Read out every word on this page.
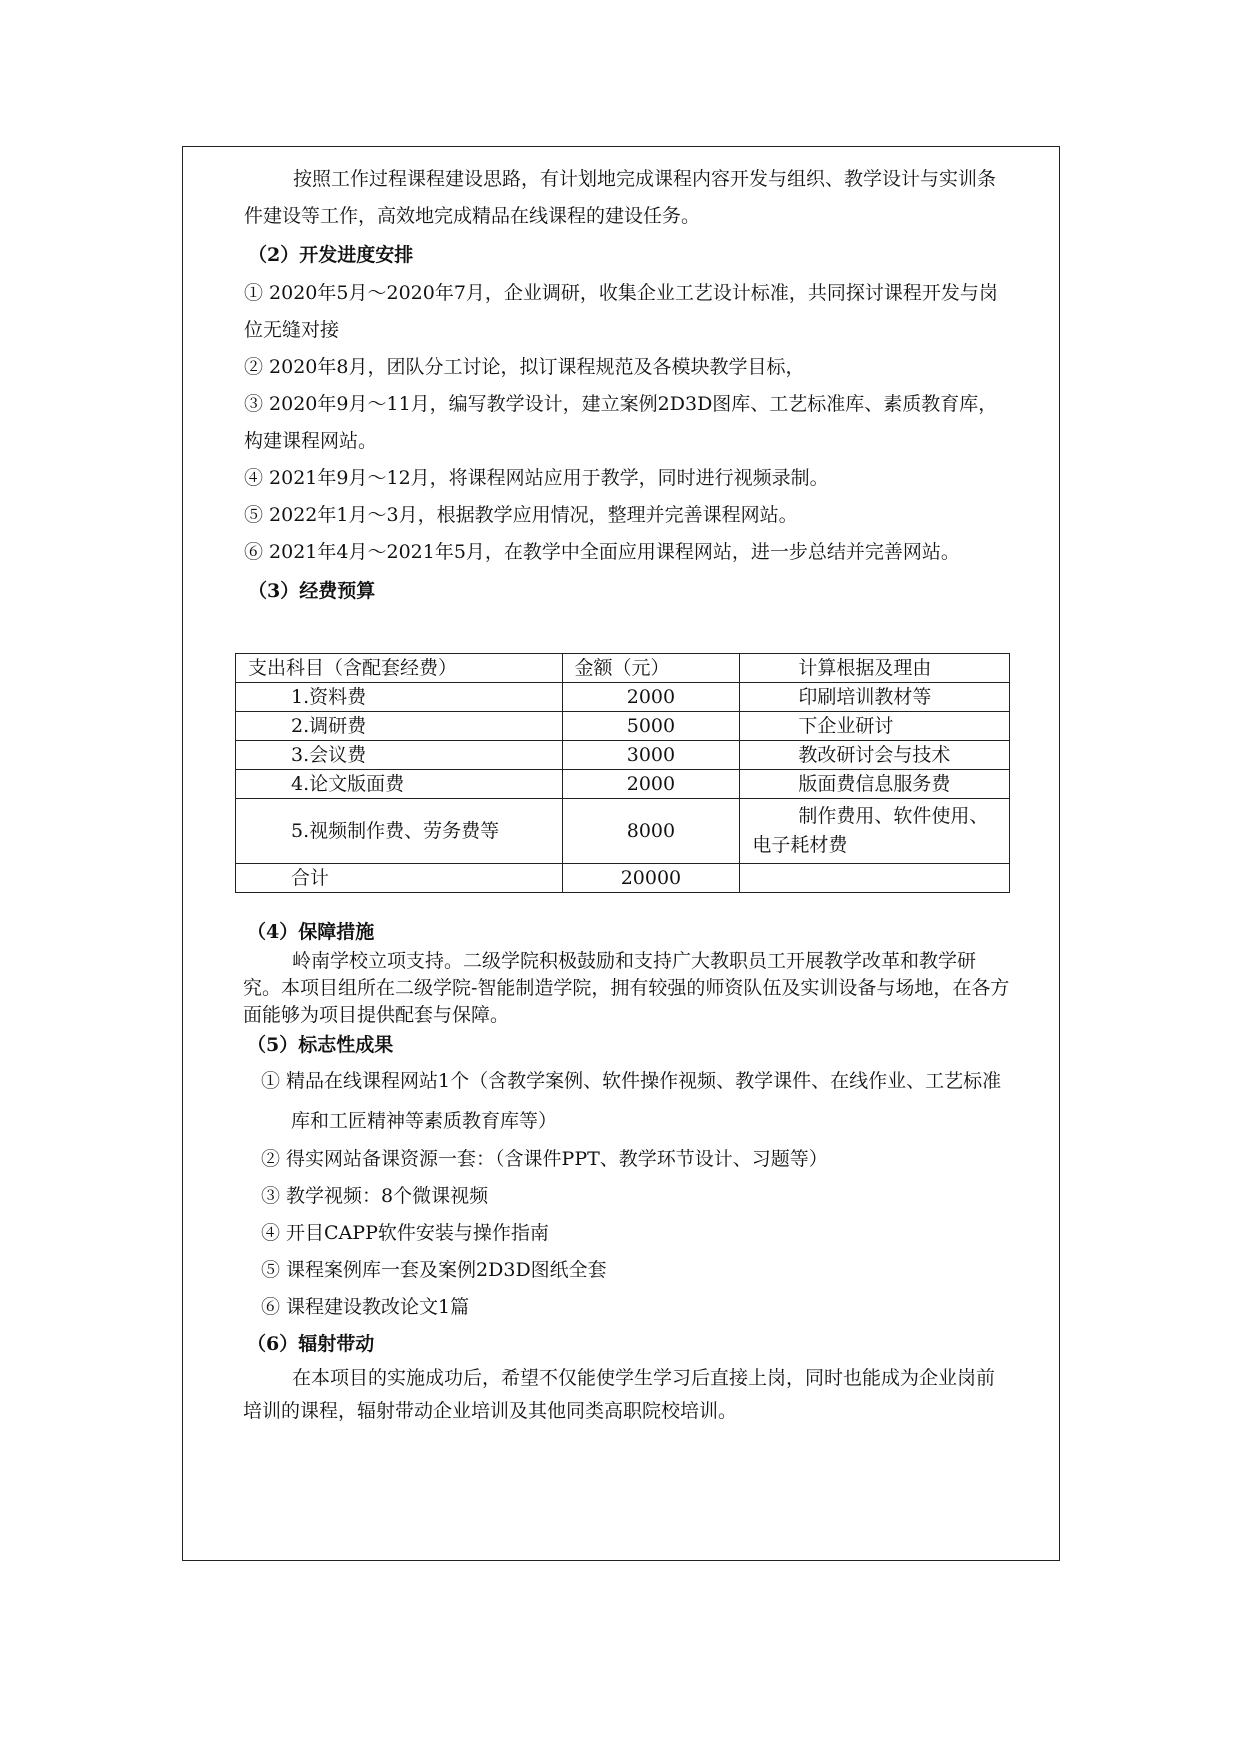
按照工作过程课程建设思路，有计划地完成课程内容开发与组织、教学设计与实训条件建设等工作，高效地完成精品在线课程的建设任务。

（2）开发进度安排

① 2020年5月～2020年7月，企业调研，收集企业工艺设计标准，共同探讨课程开发与岗位无缝对接

② 2020年8月，团队分工讨论，拟订课程规范及各模块教学目标，

③ 2020年9月～11月，编写教学设计，建立案例2D3D图库、工艺标准库、素质教育库，构建课程网站。

④ 2021年9月～12月，将课程网站应用于教学，同时进行视频录制。

⑤ 2022年1月～3月，根据教学应用情况，整理并完善课程网站。

⑥ 2021年4月～2021年5月，在教学中全面应用课程网站，进一步总结并完善网站。

（3）经费预算

支出科目（含配套经费）	金额（元）	计算根据及理由
1.资料费	2000	印刷培训教材等
2.调研费	5000	下企业研讨
3.会议费	3000	教改研讨会与技术
4.论文版面费	2000	版面费信息服务费
5.视频制作费、劳务费等	8000	制作费用、软件使用、电子耗材费
合计	20000	

（4）保障措施

岭南学校立项支持。二级学院积极鼓励和支持广大教职员工开展教学改革和教学研究。本项目组所在二级学院-智能制造学院，拥有较强的师资队伍及实训设备与场地，在各方面能够为项目提供配套与保障。

（5）标志性成果

① 精品在线课程网站1个（含教学案例、软件操作视频、教学课件、在线作业、工艺标准库和工匠精神等素质教育库等）

② 得实网站备课资源一套：（含课件PPT、教学环节设计、习题等）

③ 教学视频：8个微课视频

④ 开目CAPP软件安装与操作指南

⑤ 课程案例库一套及案例2D3D图纸全套

⑥ 课程建设教改论文1篇

（6）辐射带动

在本项目的实施成功后，希望不仅能使学生学习后直接上岗，同时也能成为企业岗前培训的课程，辐射带动企业培训及其他同类高职院校培训。
